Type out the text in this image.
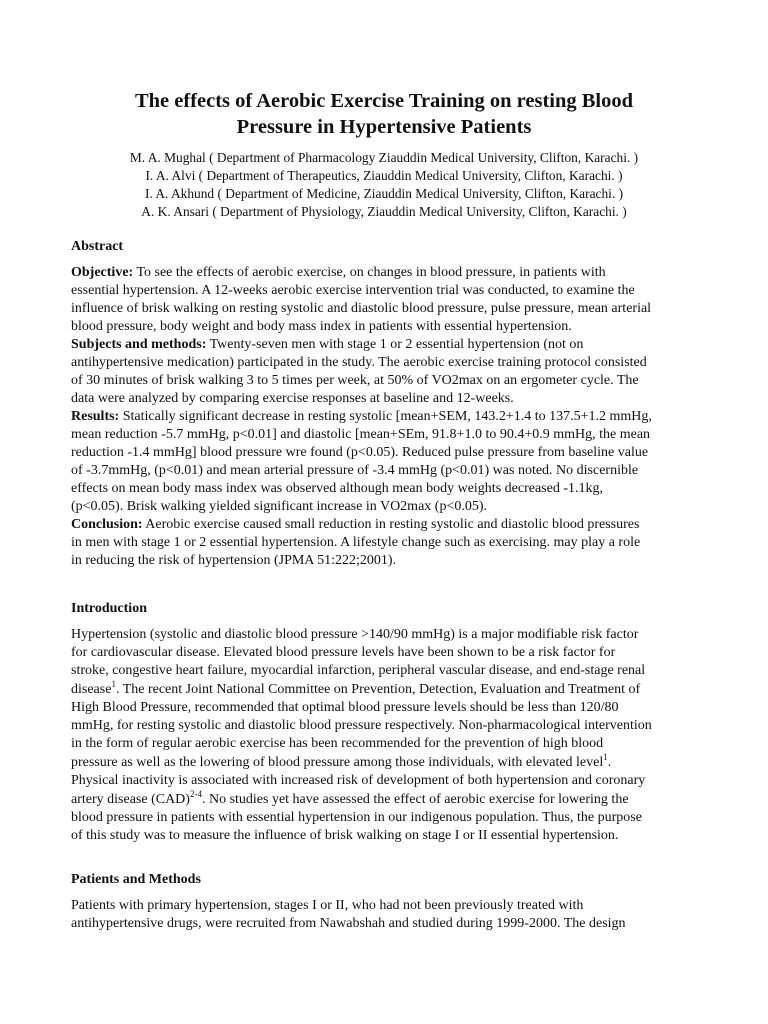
The effects of Aerobic Exercise Training on resting Blood
Pressure in Hypertensive Patients
M. A. Mughal ( Department of Pharmacology Ziauddin Medical University, Clifton, Karachi. )
I. A. Alvi ( Department of Therapeutics, Ziauddin Medical University, Clifton, Karachi. )
I. A. Akhund ( Department of Medicine, Ziauddin Medical University, Clifton, Karachi. )
A. K. Ansari ( Department of Physiology, Ziauddin Medical University, Clifton, Karachi. )
Abstract
Objective: To see the effects of aerobic exercise, on changes in blood pressure, in patients with
essential hypertension. A 12-weeks aerobic exercise intervention trial was conducted, to examine the
influence of brisk walking on resting systolic and diastolic blood pressure, pulse pressure, mean arterial
blood pressure, body weight and body mass index in patients with essential hypertension.
Subjects and methods: Twenty-seven men with stage 1 or 2 essential hypertension (not on
antihypertensive medication) participated in the study. The aerobic exercise training protocol consisted
of 30 minutes of brisk walking 3 to 5 times per week, at 50% of VO2max on an ergometer cycle. The
data were analyzed by comparing exercise responses at baseline and 12-weeks.
Results: Statically significant decrease in resting systolic [mean+SEM, 143.2+1.4 to 137.5+1.2 mmHg,
mean reduction -5.7 mmHg, p<0.01] and diastolic [mean+SEm, 91.8+1.0 to 90.4+0.9 mmHg, the mean
reduction -1.4 mmHg] blood pressure wre found (p<0.05). Reduced pulse pressure from baseline value
of -3.7mmHg, (p<0.01) and mean arterial pressure of -3.4 mmHg (p<0.01) was noted. No discernible
effects on mean body mass index was observed although mean body weights decreased -1.1kg,
(p<0.05). Brisk walking yielded significant increase in VO2max (p<0.05).
Conclusion: Aerobic exercise caused small reduction in resting systolic and diastolic blood pressures
in men with stage 1 or 2 essential hypertension. A lifestyle change such as exercising. may play a role
in reducing the risk of hypertension (JPMA 51:222;2001).
Introduction
Hypertension (systolic and diastolic blood pressure >140/90 mmHg) is a major modifiable risk factor
for cardiovascular disease. Elevated blood pressure levels have been shown to be a risk factor for
stroke, congestive heart failure, myocardial infarction, peripheral vascular disease, and end-stage renal
disease$^1$. The recent Joint National Committee on Prevention, Detection, Evaluation and Treatment of
High Blood Pressure, recommended that optimal blood pressure levels should be less than 120/80
mmHg, for resting systolic and diastolic blood pressure respectively. Non-pharmacological intervention
in the form of regular aerobic exercise has been recommended for the prevention of high blood
pressure as well as the lowering of blood pressure among those individuals, with elevated level$^1$.
Physical inactivity is associated with increased risk of development of both hypertension and coronary
artery disease (CAD)$^{2-4}$. No studies yet have assessed the effect of aerobic exercise for lowering the
blood pressure in patients with essential hypertension in our indigenous population. Thus, the purpose
of this study was to measure the influence of brisk walking on stage I or II essential hypertension.
Patients and Methods
Patients with primary hypertension, stages I or II, who had not been previously treated with
antihypertensive drugs, were recruited from Nawabshah and studied during 1999-2000. The design
